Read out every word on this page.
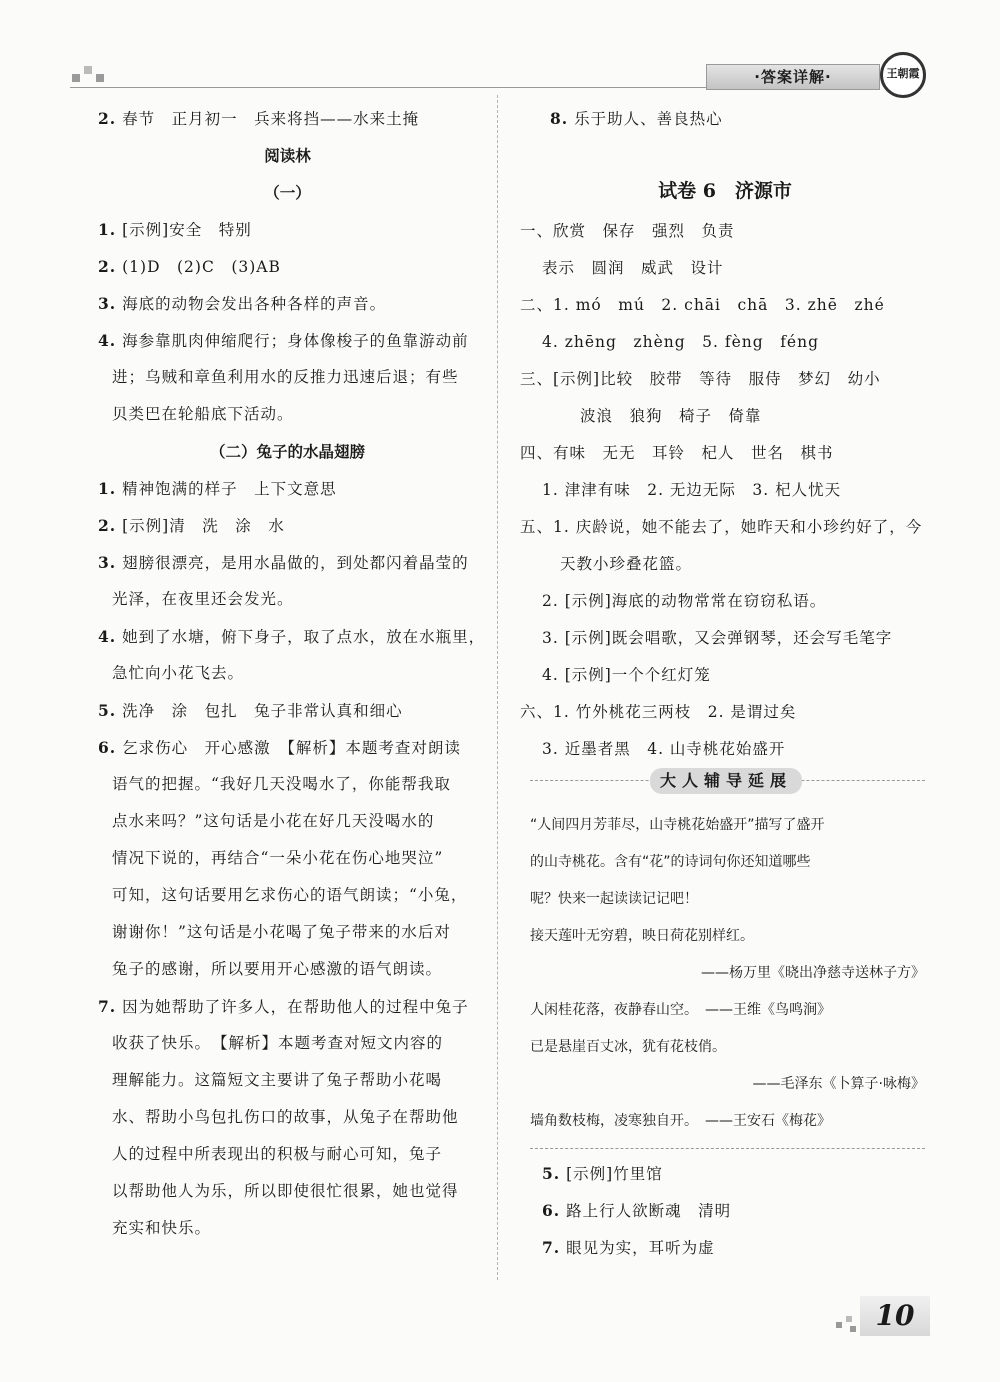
·答案详解·	王朝霞
2. 春节　正月初一　兵来将挡——水来土掩
阅读林
（一）
1. [示例]安全　特别
2. (1)D　(2)C　(3)AB
3. 海底的动物会发出各种各样的声音。
4. 海参靠肌肉伸缩爬行；身体像梭子的鱼靠游动前
进；乌贼和章鱼利用水的反推力迅速后退；有些
贝类巴在轮船底下活动。
（二）兔子的水晶翅膀
1. 精神饱满的样子　上下文意思
2. [示例]清　洗　涂　水
3. 翅膀很漂亮，是用水晶做的，到处都闪着晶莹的
光泽，在夜里还会发光。
4. 她到了水塘，俯下身子，取了点水，放在水瓶里，
急忙向小花飞去。
5. 洗净　涂　包扎　兔子非常认真和细心
6. 乞求伤心　开心感激　【解析】本题考查对朗读
语气的把握。“我好几天没喝水了，你能帮我取
点水来吗？”这句话是小花在好几天没喝水的
情况下说的，再结合“一朵小花在伤心地哭泣”
可知，这句话要用乞求伤心的语气朗读；“小兔，
谢谢你！”这句话是小花喝了兔子带来的水后对
兔子的感谢，所以要用开心感激的语气朗读。
7. 因为她帮助了许多人，在帮助他人的过程中兔子
收获了快乐。　【解析】本题考查对短文内容的
理解能力。这篇短文主要讲了兔子帮助小花喝
水、帮助小鸟包扎伤口的故事，从兔子在帮助他
人的过程中所表现出的积极与耐心可知，兔子
以帮助他人为乐，所以即使很忙很累，她也觉得
充实和快乐。
8. 乐于助人、善良热心
试卷 6　济源市
一、欣赏　保存　强烈　负责
表示　圆润　威武　设计
二、1. mó　mú　2. chāi　chā　3. zhē　zhé
4. zhēng　zhèng　5. fèng　féng
三、[示例]比较　胶带　等待　服侍　梦幻　幼小
波浪　狼狗　椅子　倚靠
四、有味　无无　耳铃　杞人　世名　棋书
1. 津津有味　2. 无边无际　3. 杞人忧天
五、1. 庆龄说，她不能去了，她昨天和小珍约好了，今
天教小珍叠花篮。
2. [示例]海底的动物常常在窃窃私语。
3. [示例]既会唱歌，又会弹钢琴，还会写毛笔字
4. [示例]一个个红灯笼
六、1. 竹外桃花三两枝　2. 是谓过矣
3. 近墨者黑　4. 山寺桃花始盛开
大人辅导延展
“人间四月芳菲尽，山寺桃花始盛开”描写了盛开
的山寺桃花。含有“花”的诗词句你还知道哪些
呢？快来一起读读记记吧！
接天莲叶无穷碧，映日荷花别样红。
——杨万里《晓出净慈寺送林子方》
人闲桂花落，夜静春山空。　——王维《鸟鸣涧》
已是悬崖百丈冰，犹有花枝俏。
——毛泽东《卜算子·咏梅》
墙角数枝梅，凌寒独自开。　——王安石《梅花》
5. [示例]竹里馆
6. 路上行人欲断魂　清明
7. 眼见为实，耳听为虚
10
